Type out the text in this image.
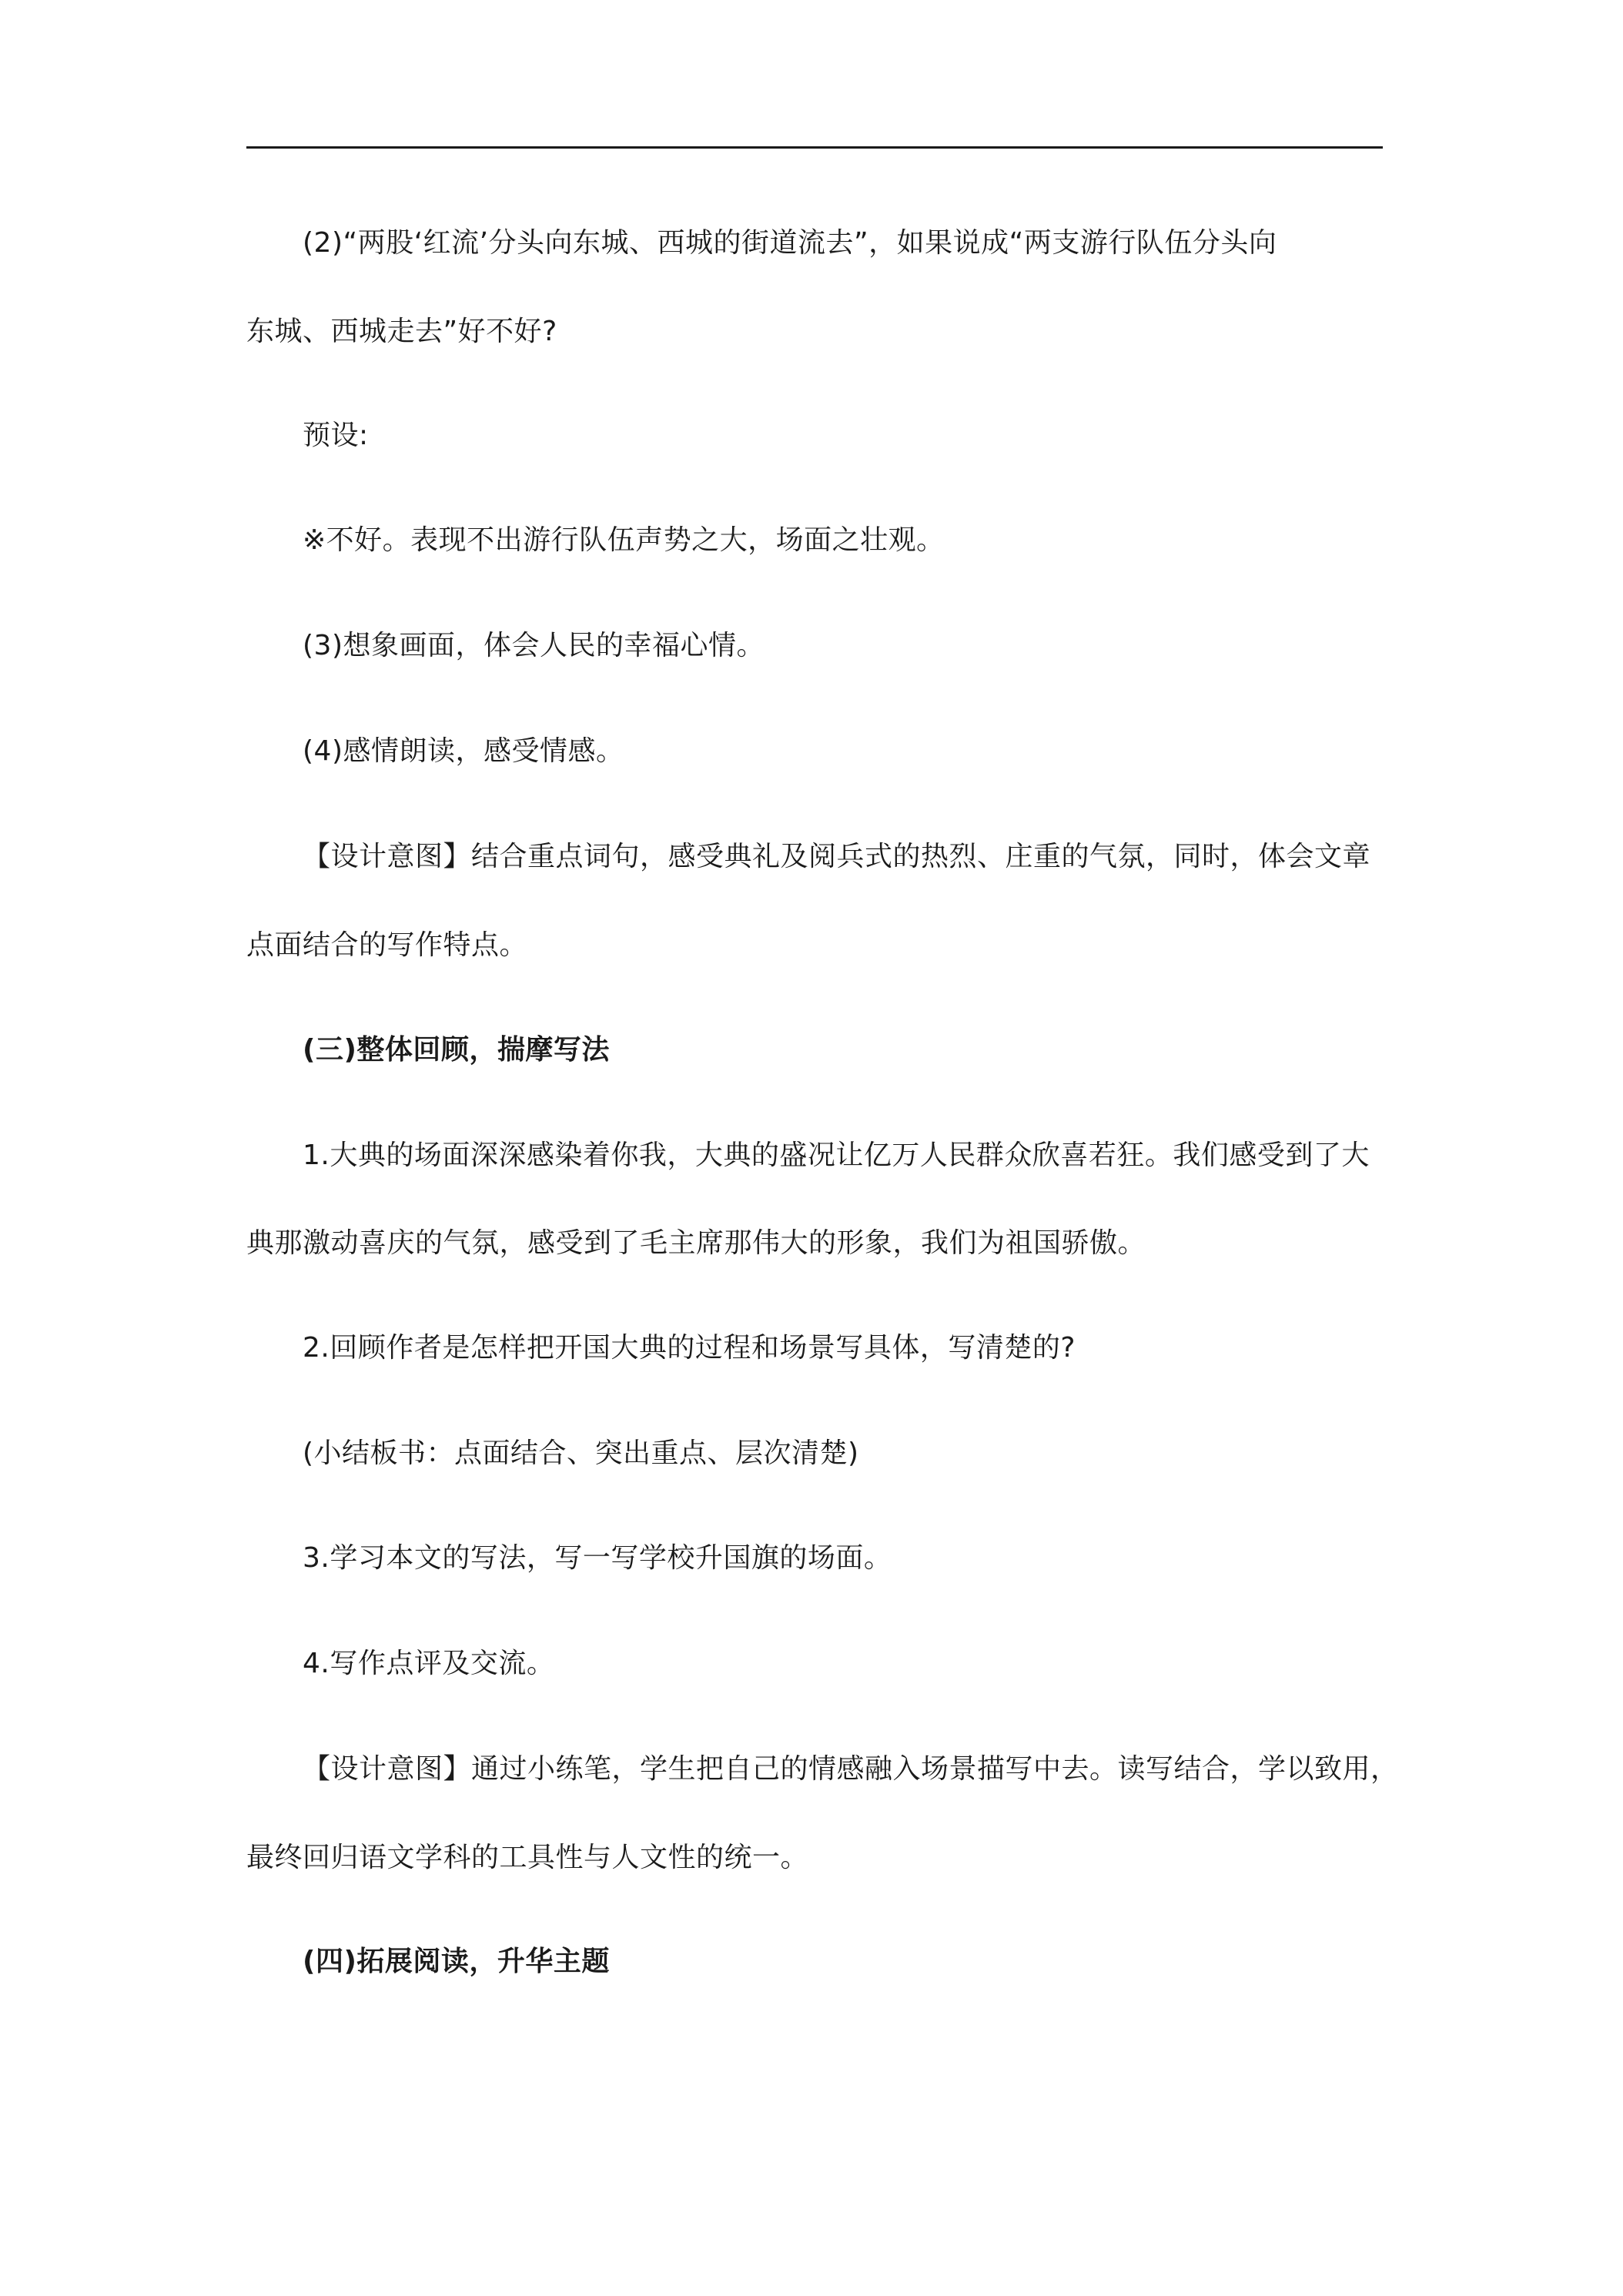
(2)“两股‘红流’分头向东城、西城的街道流去”，如果说成“两支游行队伍分头向
东城、西城走去”好不好?
预设:
※不好。表现不出游行队伍声势之大，场面之壮观。
(3)想象画面，体会人民的幸福心情。
(4)感情朗读，感受情感。
【设计意图】结合重点词句，感受典礼及阅兵式的热烈、庄重的气氛，同时，体会文章
点面结合的写作特点。
(三)整体回顾，揣摩写法
1.大典的场面深深感染着你我，大典的盛况让亿万人民群众欣喜若狂。我们感受到了大
典那激动喜庆的气氛，感受到了毛主席那伟大的形象，我们为祖国骄傲。
2.回顾作者是怎样把开国大典的过程和场景写具体，写清楚的?
(小结板书：点面结合、突出重点、层次清楚)
3.学习本文的写法，写一写学校升国旗的场面。
4.写作点评及交流。
【设计意图】通过小练笔，学生把自己的情感融入场景描写中去。读写结合，学以致用，
最终回归语文学科的工具性与人文性的统一。
(四)拓展阅读，升华主题
